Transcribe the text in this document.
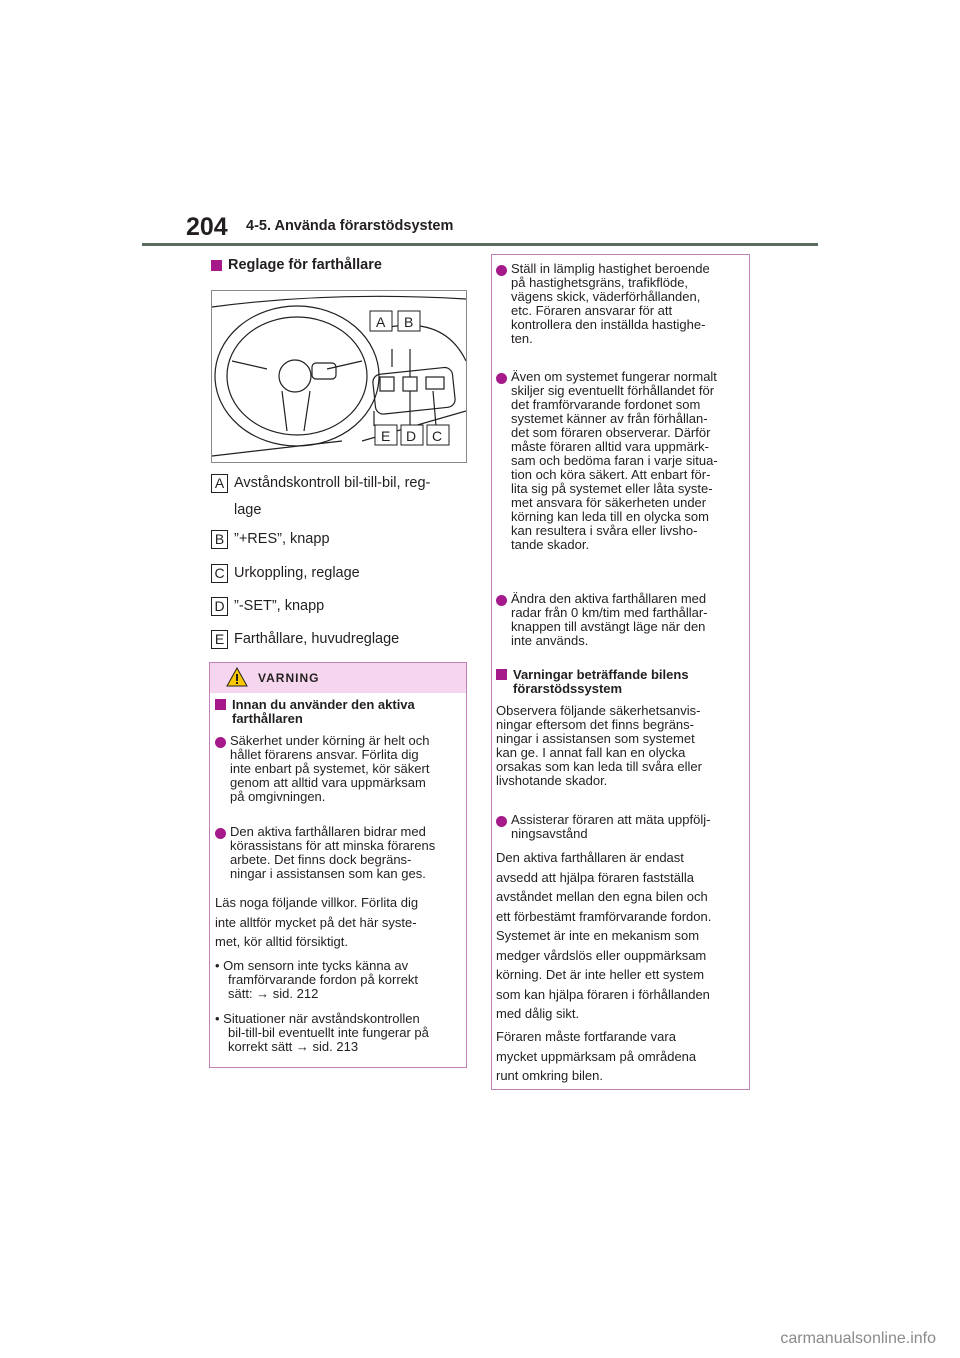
204 4-5. Använda förarstödsystem
Reglage för farthållare
A B
E D C
A Avståndskontroll bil-till-bil, reg-
lage
B ”+RES”, knapp
C Urkoppling, reglage
D ”-SET”, knapp
E Farthållare, huvudreglage
VARNING
Innan du använder den aktiva
farthållaren
Säkerhet under körning är helt och
hållet förarens ansvar. Förlita dig
inte enbart på systemet, kör säkert
genom att alltid vara uppmärksam
på omgivningen.
Den aktiva farthållaren bidrar med
körassistans för att minska förarens
arbete. Det finns dock begräns-
ningar i assistansen som kan ges.
Läs noga följande villkor. Förlita dig
inte alltför mycket på det här syste-
met, kör alltid försiktigt.
• Om sensorn inte tycks känna av
framförvarande fordon på korrekt
sätt: → sid. 212
• Situationer när avståndskontrollen
bil-till-bil eventuellt inte fungerar på
korrekt sätt → sid. 213
Ställ in lämplig hastighet beroende
på hastighetsgräns, trafikflöde,
vägens skick, väderförhållanden,
etc. Föraren ansvarar för att
kontrollera den inställda hastighe-
ten.
Även om systemet fungerar normalt
skiljer sig eventuellt förhållandet för
det framförvarande fordonet som
systemet känner av från förhållan-
det som föraren observerar. Därför
måste föraren alltid vara uppmärk-
sam och bedöma faran i varje situa-
tion och köra säkert. Att enbart för-
lita sig på systemet eller låta syste-
met ansvara för säkerheten under
körning kan leda till en olycka som
kan resultera i svåra eller livsho-
tande skador.
Ändra den aktiva farthållaren med
radar från 0 km/tim med farthållar-
knappen till avstängt läge när den
inte används.
Varningar beträffande bilens
förarstödssystem
Observera följande säkerhetsanvis-
ningar eftersom det finns begräns-
ningar i assistansen som systemet
kan ge. I annat fall kan en olycka
orsakas som kan leda till svåra eller
livshotande skador.
Assisterar föraren att mäta uppfölj-
ningsavstånd
Den aktiva farthållaren är endast
avsedd att hjälpa föraren fastställa
avståndet mellan den egna bilen och
ett förbestämt framförvarande fordon.
Systemet är inte en mekanism som
medger vårdslös eller ouppmärksam
körning. Det är inte heller ett system
som kan hjälpa föraren i förhållanden
med dålig sikt.
Föraren måste fortfarande vara
mycket uppmärksam på områdena
runt omkring bilen.
carmanualsonline.info
